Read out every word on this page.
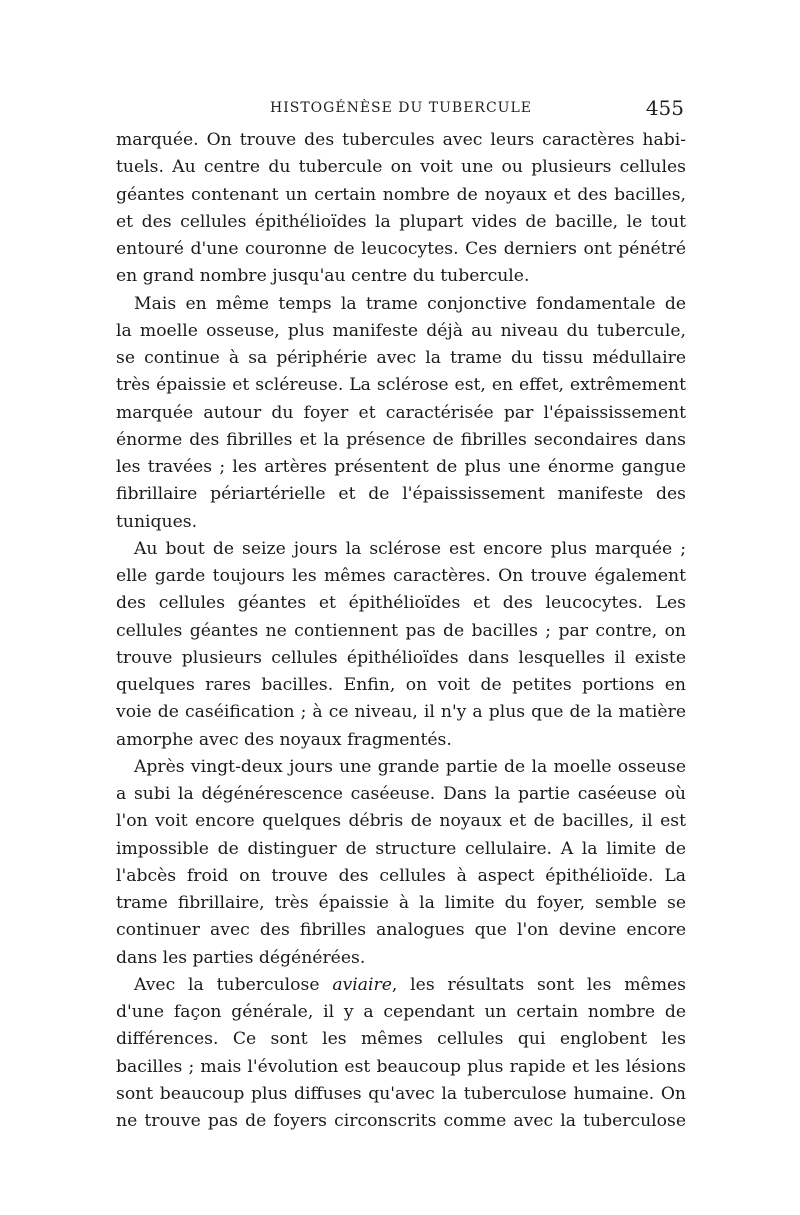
HISTOGÉNÈSE DU TUBERCULE	455
marquée. On trouve des tubercules avec leurs caractères habi-
tuels. Au centre du tubercule on voit une ou plusieurs cellules
géantes contenant un certain nombre de noyaux et des bacilles,
et des cellules épithélioïdes la plupart vides de bacille, le tout
entouré d'une couronne de leucocytes. Ces derniers ont pénétré
en grand nombre jusqu'au centre du tubercule.
Mais en même temps la trame conjonctive fondamentale de
la moelle osseuse, plus manifeste déjà au niveau du tubercule,
se continue à sa périphérie avec la trame du tissu médullaire
très épaissie et scléreuse. La sclérose est, en effet, extrêmement
marquée autour du foyer et caractérisée par l'épaississement
énorme des fibrilles et la présence de fibrilles secondaires dans
les travées ; les artères présentent de plus une énorme gangue
fibrillaire périartérielle et de l'épaississement manifeste des
tuniques.
Au bout de seize jours la sclérose est encore plus marquée ;
elle garde toujours les mêmes caractères. On trouve également
des cellules géantes et épithélioïdes et des leucocytes. Les
cellules géantes ne contiennent pas de bacilles ; par contre, on
trouve plusieurs cellules épithélioïdes dans lesquelles il existe
quelques rares bacilles. Enfin, on voit de petites portions en
voie de caséification ; à ce niveau, il n'y a plus que de la matière
amorphe avec des noyaux fragmentés.
Après vingt-deux jours une grande partie de la moelle osseuse
a subi la dégénérescence caséeuse. Dans la partie caséeuse où
l'on voit encore quelques débris de noyaux et de bacilles, il est
impossible de distinguer de structure cellulaire. A la limite de
l'abcès froid on trouve des cellules à aspect épithélioïde. La
trame fibrillaire, très épaissie à la limite du foyer, semble se
continuer avec des fibrilles analogues que l'on devine encore
dans les parties dégénérées.
Avec la tuberculose aviaire, les résultats sont les mêmes
d'une façon générale, il y a cependant un certain nombre de
différences. Ce sont les mêmes cellules qui englobent les
bacilles ; mais l'évolution est beaucoup plus rapide et les lésions
sont beaucoup plus diffuses qu'avec la tuberculose humaine. On
ne trouve pas de foyers circonscrits comme avec la tuberculose
